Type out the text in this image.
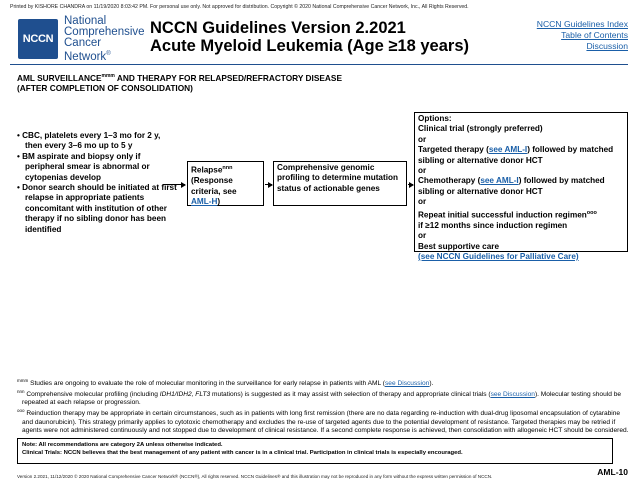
Printed by KISHORE CHANDRA on 11/19/2020 8:03:42 PM. For personal use only. Not approved for distribution. Copyright © 2020 National Comprehensive Cancer Network, Inc., All Rights Reserved.
NCCN
National
Comprehensive
Cancer
Network®
NCCN Guidelines Version 2.2021
Acute Myeloid Leukemia (Age ≥18 years)
NCCN Guidelines Index
Table of Contents
Discussion
AML $SURVEILLANCE^{mmm}$ AND THERAPY FOR RELAPSED/REFRACTORY DISEASE
(AFTER COMPLETION OF CONSOLIDATION)
• CBC, platelets every 1–3 mo for 2 y, then every 3–6 mo up to 5 y
• BM aspirate and biopsy only if peripheral smear is abnormal or cytopenias develop
• Donor search should be initiated at first relapse in appropriate patients concomitant with institution of other therapy if no sibling donor has been identified
Relapse$^{nnn}$
(Response
criteria, see
AML-H)
Comprehensive genomic profiling to determine mutation status of actionable genes
Options:
Clinical trial (strongly preferred)
or
Targeted therapy (see AML-I) followed by matched sibling or alternative donor HCT
or
Chemotherapy (see AML-I) followed by matched sibling or alternative donor HCT
or
Repeat initial successful induction regimen$^{ooo}$
if ≥12 months since induction regimen
or
Best supportive care
(see NCCN Guidelines for Palliative Care)
$^{mmm}$ Studies are ongoing to evaluate the role of molecular monitoring in the surveillance for early relapse in patients with AML (see Discussion).
$^{nnn}$ Comprehensive molecular profiling (including IDH1/IDH2, FLT3 mutations) is suggested as it may assist with selection of therapy and appropriate clinical trials (see Discussion). Molecular testing should be repeated at each relapse or progression.
$^{ooo}$ Reinduction therapy may be appropriate in certain circumstances, such as in patients with long first remission (there are no data regarding re-induction with dual-drug liposomal encapsulation of cytarabine and daunorubicin). This strategy primarily applies to cytotoxic chemotherapy and excludes the re-use of targeted agents due to the potential development of resistance. Targeted therapies may be retried if agents were not administered continuously and not stopped due to development of clinical resistance. If a second complete response is achieved, then consolidation with allogeneic HCT should be considered.
Note: All recommendations are category 2A unless otherwise indicated.
Clinical Trials: NCCN believes that the best management of any patient with cancer is in a clinical trial. Participation in clinical trials is especially encouraged.
Version 2.2021, 11/12/2020 © 2020 National Comprehensive Cancer Network® (NCCN®), All rights reserved. NCCN Guidelines® and this illustration may not be reproduced in any form without the express written permission of NCCN.	AML-10
